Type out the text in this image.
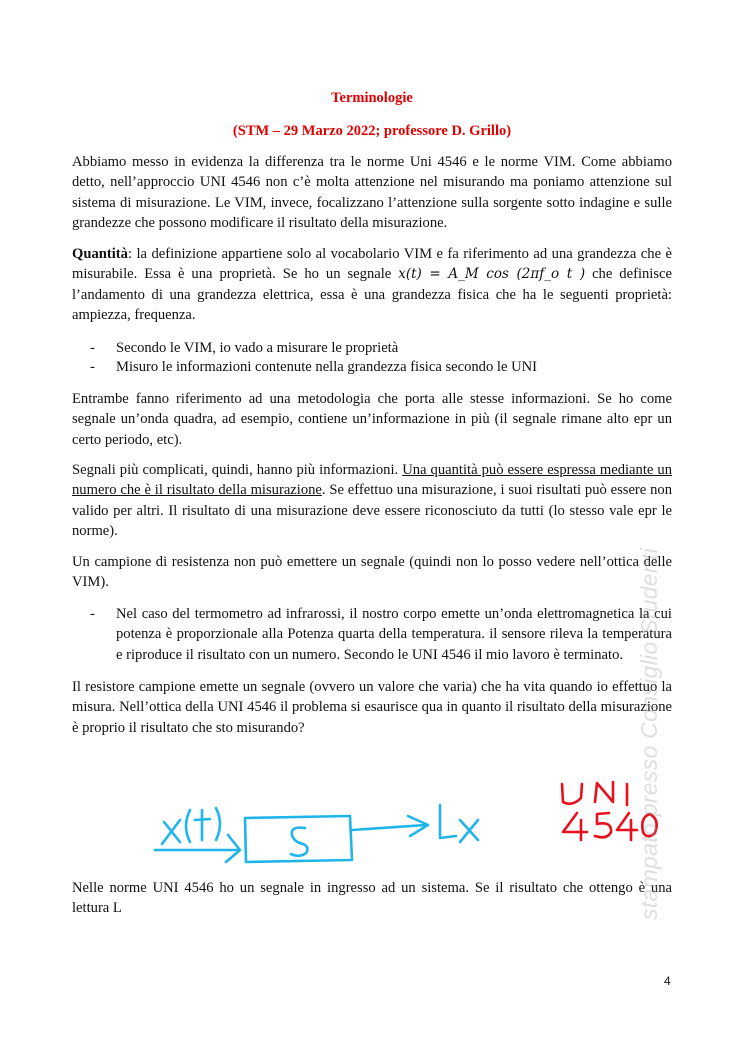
Terminologie
(STM – 29 Marzo 2022; professore D. Grillo)

Abbiamo messo in evidenza la differenza tra le norme Uni 4546 e le norme VIM. Come abbiamo detto, nell’approccio UNI 4546 non c’è molta attenzione nel misurando ma poniamo attenzione sul sistema di misurazione. Le VIM, invece, focalizzano l’attenzione sulla sorgente sotto indagine e sulle grandezze che possono modificare il risultato della misurazione.

Quantità: la definizione appartiene solo al vocabolario VIM e fa riferimento ad una grandezza che è misurabile. Essa è una proprietà. Se ho un segnale x(t) = A_M cos (2πf_o t ) che definisce l’andamento di una grandezza elettrica, essa è una grandezza fisica che ha le seguenti proprietà: ampiezza, frequenza.

- Secondo le VIM, io vado a misurare le proprietà
- Misuro le informazioni contenute nella grandezza fisica secondo le UNI

Entrambe fanno riferimento ad una metodologia che porta alle stesse informazioni. Se ho come segnale un’onda quadra, ad esempio, contiene un’informazione in più (il segnale rimane alto epr un certo periodo, etc).

Segnali più complicati, quindi, hanno più informazioni. Una quantità può essere espressa mediante un numero che è il risultato della misurazione. Se effettuo una misurazione, i suoi risultati può essere non valido per altri. Il risultato di una misurazione deve essere riconosciuto da tutti (lo stesso vale epr le norme).

Un campione di resistenza non può emettere un segnale (quindi non lo posso vedere nell’ottica delle VIM).

- Nel caso del termometro ad infrarossi, il nostro corpo emette un’onda elettromagnetica la cui potenza è proporzionale alla Potenza quarta della temperatura. il sensore rileva la temperatura e riproduce il risultato con un numero. Secondo le UNI 4546 il mio lavoro è terminato.

Il resistore campione emette un segnale (ovvero un valore che varia) che ha vita quando io effettuo la misura. Nell’ottica della UNI 4546 il problema si esaurisce qua in quanto il risultato della misurazione è proprio il risultato che sto misurando?

Nelle norme UNI 4546 ho un segnale in ingresso ad un sistema. Se il risultato che ottengo è una lettura L	stampato presso Consiglio Studenti
4
